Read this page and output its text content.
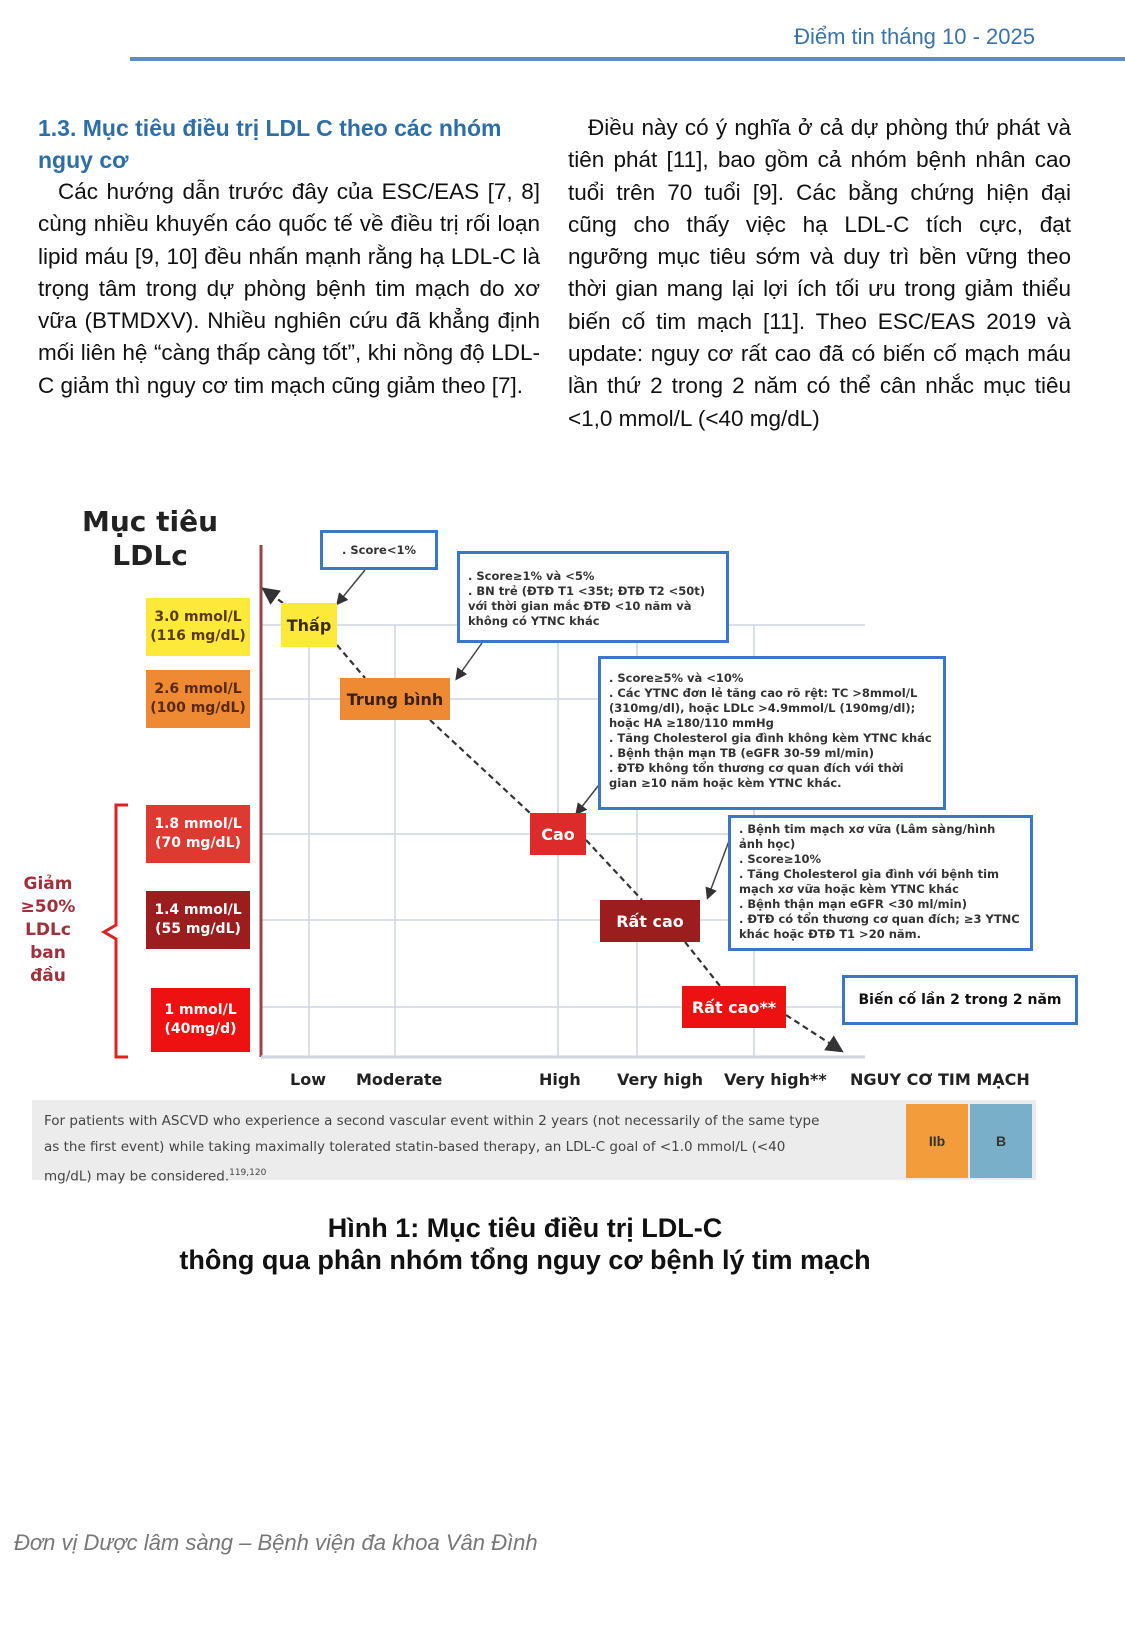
Điểm tin tháng 10 - 2025
1.3. Mục tiêu điều trị LDL C theo các nhóm nguy cơ

Các hướng dẫn trước đây của ESC/EAS [7, 8] cùng nhiều khuyến cáo quốc tế về điều trị rối loạn lipid máu [9, 10] đều nhấn mạnh rằng hạ LDL-C là trọng tâm trong dự phòng bệnh tim mạch do xơ vữa (BTMDXV). Nhiều nghiên cứu đã khẳng định mối liên hệ “càng thấp càng tốt”, khi nồng độ LDL-C giảm thì nguy cơ tim mạch cũng giảm theo [7].

Điều này có ý nghĩa ở cả dự phòng thứ phát và tiên phát [11], bao gồm cả nhóm bệnh nhân cao tuổi trên 70 tuổi [9]. Các bằng chứng hiện đại cũng cho thấy việc hạ LDL-C tích cực, đạt ngưỡng mục tiêu sớm và duy trì bền vững theo thời gian mang lại lợi ích tối ưu trong giảm thiểu biến cố tim mạch [11]. Theo ESC/EAS 2019 và update: nguy cơ rất cao đã có biến cố mạch máu lần thứ 2 trong 2 năm có thể cân nhắc mục tiêu <1,0 mmol/L (<40 mg/dL)

Mục tiêu
LDLc
Giảm
≥50%
LDLc
ban
đầu
3.0 mmol/L
(116 mg/dL)
2.6 mmol/L
(100 mg/dL)
1.8 mmol/L
(70 mg/dL)
1.4 mmol/L
(55 mg/dL)
1 mmol/L
(40mg/d)
Thấp
Trung bình
Cao
Rất cao
Rất cao**
. Score<1%
. Score≥1% và <5%
. BN trẻ (ĐTĐ T1 <35t; ĐTĐ T2 <50t)
với thời gian mắc ĐTĐ <10 năm và
không có YTNC khác
. Score≥5% và <10%
. Các YTNC đơn lẻ tăng cao rõ rệt: TC >8mmol/L
(310mg/dl), hoặc LDLc >4.9mmol/L (190mg/dl);
hoặc HA ≥180/110 mmHg
. Tăng Cholesterol gia đình không kèm YTNC khác
. Bệnh thận mạn TB (eGFR 30-59 ml/min)
. ĐTĐ không tổn thương cơ quan đích với thời
gian ≥10 năm hoặc kèm YTNC khác.
. Bệnh tim mạch xơ vữa (Lâm sàng/hình
ảnh học)
. Score≥10%
. Tăng Cholesterol gia đình với bệnh tim
mạch xơ vữa hoặc kèm YTNC khác
. Bệnh thận mạn eGFR <30 ml/min)
. ĐTĐ có tổn thương cơ quan đích; ≥3 YTNC
khác hoặc ĐTĐ T1 >20 năm.
Biến cố lần 2 trong 2 năm
Low Moderate	High Very high Very high** NGUY CƠ TIM MẠCH
For patients with ASCVD who experience a second vascular event within 2 years (not necessarily of the same type as the first event) while taking maximally tolerated statin-based therapy, an LDL-C goal of <1.0 mmol/L (<40 mg/dL) may be considered.$^{119,120}$
IIb	B
Hình 1: Mục tiêu điều trị LDL-C
thông qua phân nhóm tổng nguy cơ bệnh lý tim mạch
Đơn vị Dược lâm sàng – Bệnh viện đa khoa Vân Đình
